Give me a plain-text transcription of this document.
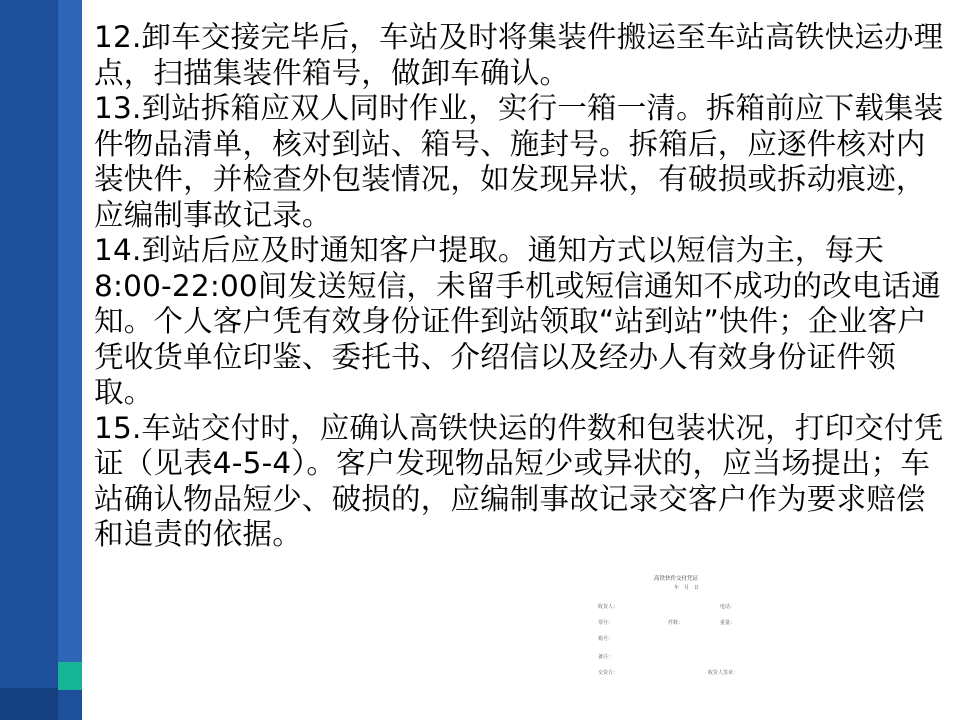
12.卸车交接完毕后，车站及时将集装件搬运至车站高铁快运办理点，扫描集装件箱号，做卸车确认。

13.到站拆箱应双人同时作业，实行一箱一清。拆箱前应下载集装件物品清单，核对到站、箱号、施封号。拆箱后，应逐件核对内装快件，并检查外包装情况，如发现异状，有破损或拆动痕迹，应编制事故记录。

14.到站后应及时通知客户提取。通知方式以短信为主，每天8:00-22:00间发送短信，未留手机或短信通知不成功的改电话通知。个人客户凭有效身份证件到站领取“站到站”快件；企业客户凭收货单位印鉴、委托书、介绍信以及经办人有效身份证件领取。

15.车站交付时，应确认高铁快运的件数和包装状况，打印交付凭证（见表4-5-4）。客户发现物品短少或异状的，应当场提出；车站确认物品短少、破损的，应编制事故记录交客户作为要求赔偿和追责的依据。

高铁快件交付凭证
年　月　日
收货人：	电话：
票号：	件数：	重量：
箱号：
备注：
交货方：	收货人签章：
